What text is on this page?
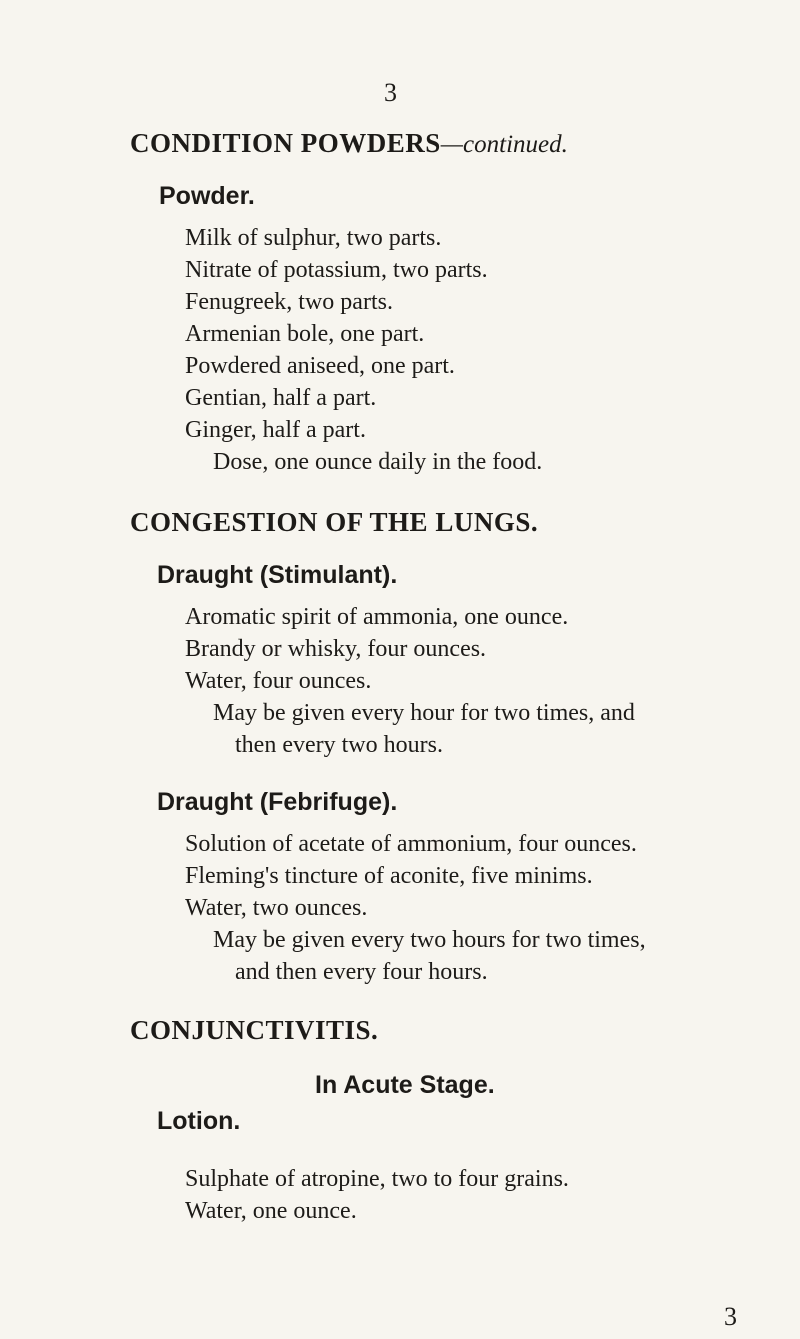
3
CONDITION POWDERS—continued.
Powder.
Milk of sulphur, two parts.
Nitrate of potassium, two parts.
Fenugreek, two parts.
Armenian bole, one part.
Powdered aniseed, one part.
Gentian, half a part.
Ginger, half a part.
Dose, one ounce daily in the food.
CONGESTION OF THE LUNGS.
Draught (Stimulant).
Aromatic spirit of ammonia, one ounce.
Brandy or whisky, four ounces.
Water, four ounces.
May be given every hour for two times, and
then every two hours.
Draught (Febrifuge).
Solution of acetate of ammonium, four ounces.
Fleming's tincture of aconite, five minims.
Water, two ounces.
May be given every two hours for two times,
and then every four hours.
CONJUNCTIVITIS.
In Acute Stage.
Lotion.
Sulphate of atropine, two to four grains.
Water, one ounce.
3
